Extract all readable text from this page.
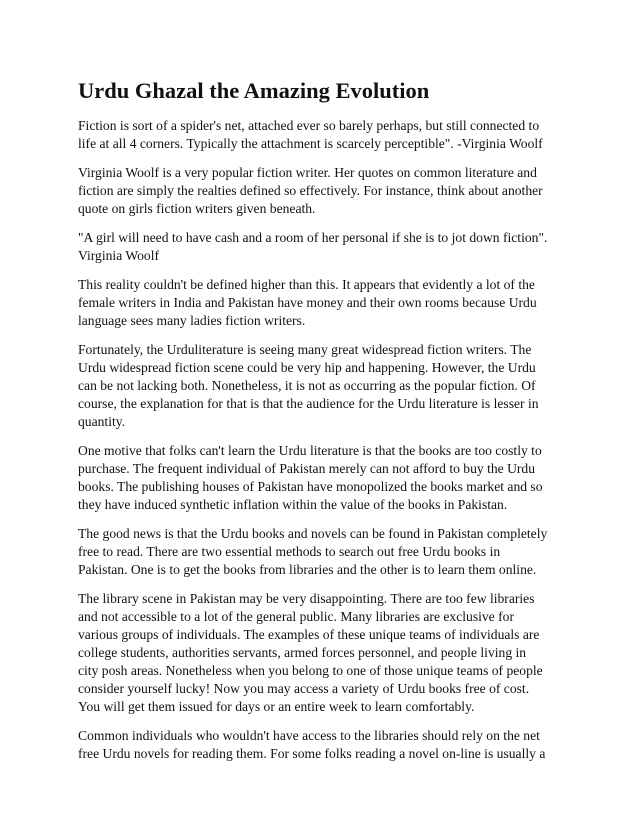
Urdu Ghazal the Amazing Evolution

Fiction is sort of a spider's net, attached ever so barely perhaps, but still connected to
life at all 4 corners. Typically the attachment is scarcely perceptible". -Virginia Woolf

Virginia Woolf is a very popular fiction writer. Her quotes on common literature and
fiction are simply the realties defined so effectively. For instance, think about another
quote on girls fiction writers given beneath.

"A girl will need to have cash and a room of her personal if she is to jot down fiction".
Virginia Woolf

This reality couldn't be defined higher than this. It appears that evidently a lot of the
female writers in India and Pakistan have money and their own rooms because Urdu
language sees many ladies fiction writers.

Fortunately, the Urduliterature is seeing many great widespread fiction writers. The
Urdu widespread fiction scene could be very hip and happening. However, the Urdu
can be not lacking both. Nonetheless, it is not as occurring as the popular fiction. Of
course, the explanation for that is that the audience for the Urdu literature is lesser in
quantity.

One motive that folks can't learn the Urdu literature is that the books are too costly to
purchase. The frequent individual of Pakistan merely can not afford to buy the Urdu
books. The publishing houses of Pakistan have monopolized the books market and so
they have induced synthetic inflation within the value of the books in Pakistan.

The good news is that the Urdu books and novels can be found in Pakistan completely
free to read. There are two essential methods to search out free Urdu books in
Pakistan. One is to get the books from libraries and the other is to learn them online.

The library scene in Pakistan may be very disappointing. There are too few libraries
and not accessible to a lot of the general public. Many libraries are exclusive for
various groups of individuals. The examples of these unique teams of individuals are
college students, authorities servants, armed forces personnel, and people living in
city posh areas. Nonetheless when you belong to one of those unique teams of people
consider yourself lucky! Now you may access a variety of Urdu books free of cost.
You will get them issued for days or an entire week to learn comfortably.

Common individuals who wouldn't have access to the libraries should rely on the net
free Urdu novels for reading them. For some folks reading a novel on-line is usually a
